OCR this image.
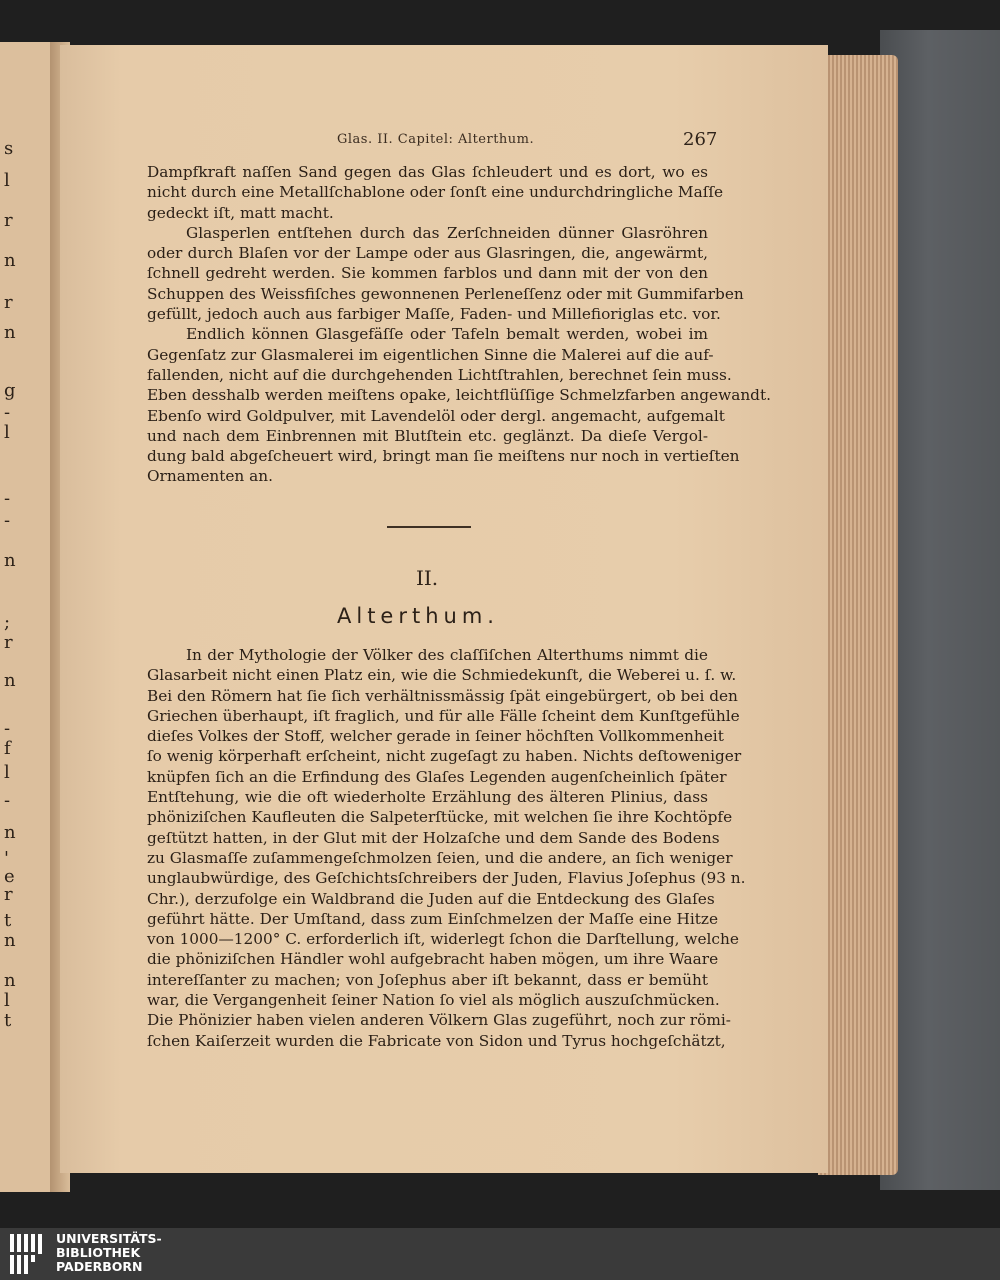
s
l
r
n
r
n
g
-
l
-
-
n
;
r
n
-
f
l
-
n
'
e
r
t
n
n
l
t
Glas. II. Capitel: Alterthum.	267
Dampfkraft naſſen Sand gegen das Glas ſchleudert und es dort, wo es
nicht durch eine Metallſchablone oder ſonſt eine undurchdringliche Maſſe
gedeckt iſt, matt macht.
Glasperlen entſtehen durch das Zerſchneiden dünner Glasröhren
oder durch Blaſen vor der Lampe oder aus Glasringen, die, angewärmt,
ſchnell gedreht werden. Sie kommen farblos und dann mit der von den
Schuppen des Weissfiſches gewonnenen Perleneſſenz oder mit Gummifarben
gefüllt, jedoch auch aus farbiger Maſſe, Faden- und Millefioriglas etc. vor.
Endlich können Glasgefäſſe oder Tafeln bemalt werden, wobei im
Gegenſatz zur Glasmalerei im eigentlichen Sinne die Malerei auf die auf-
fallenden, nicht auf die durchgehenden Lichtſtrahlen, berechnet ſein muss.
Eben desshalb werden meiſtens opake, leichtflüſſige Schmelzfarben angewandt.
Ebenſo wird Goldpulver, mit Lavendelöl oder dergl. angemacht, aufgemalt
und nach dem Einbrennen mit Blutſtein etc. geglänzt. Da dieſe Vergol-
dung bald abgeſcheuert wird, bringt man ſie meiſtens nur noch in vertieſten
Ornamenten an.
II.
Alterthum.
In der Mythologie der Völker des claſſiſchen Alterthums nimmt die
Glasarbeit nicht einen Platz ein, wie die Schmiedekunſt, die Weberei u. ſ. w.
Bei den Römern hat ſie ſich verhältnissmässig ſpät eingebürgert, ob bei den
Griechen überhaupt, iſt fraglich, und für alle Fälle ſcheint dem Kunſtgefühle
dieſes Volkes der Stoff, welcher gerade in ſeiner höchſten Vollkommenheit
ſo wenig körperhaft erſcheint, nicht zugeſagt zu haben. Nichts deſtoweniger
knüpfen ſich an die Erfindung des Glaſes Legenden augenſcheinlich ſpäter
Entſtehung, wie die oft wiederholte Erzählung des älteren Plinius, dass
phöniziſchen Kaufleuten die Salpeterſtücke, mit welchen ſie ihre Kochtöpfe
geſtützt hatten, in der Glut mit der Holzaſche und dem Sande des Bodens
zu Glasmaſſe zuſammengeſchmolzen ſeien, und die andere, an ſich weniger
unglaubwürdige, des Geſchichtsſchreibers der Juden, Flavius Joſephus (93 n.
Chr.), derzufolge ein Waldbrand die Juden auf die Entdeckung des Glaſes
geführt hätte. Der Umſtand, dass zum Einſchmelzen der Maſſe eine Hitze
von 1000—1200° C. erforderlich iſt, widerlegt ſchon die Darſtellung, welche
die phöniziſchen Händler wohl aufgebracht haben mögen, um ihre Waare
intereſſanter zu machen; von Joſephus aber iſt bekannt, dass er bemüht
war, die Vergangenheit ſeiner Nation ſo viel als möglich auszuſchmücken.
Die Phönizier haben vielen anderen Völkern Glas zugeführt, noch zur römi-
ſchen Kaiſerzeit wurden die Fabricate von Sidon und Tyrus hochgeſchätzt,
UNIVERSITÄTS-
BIBLIOTHEK
PADERBORN
